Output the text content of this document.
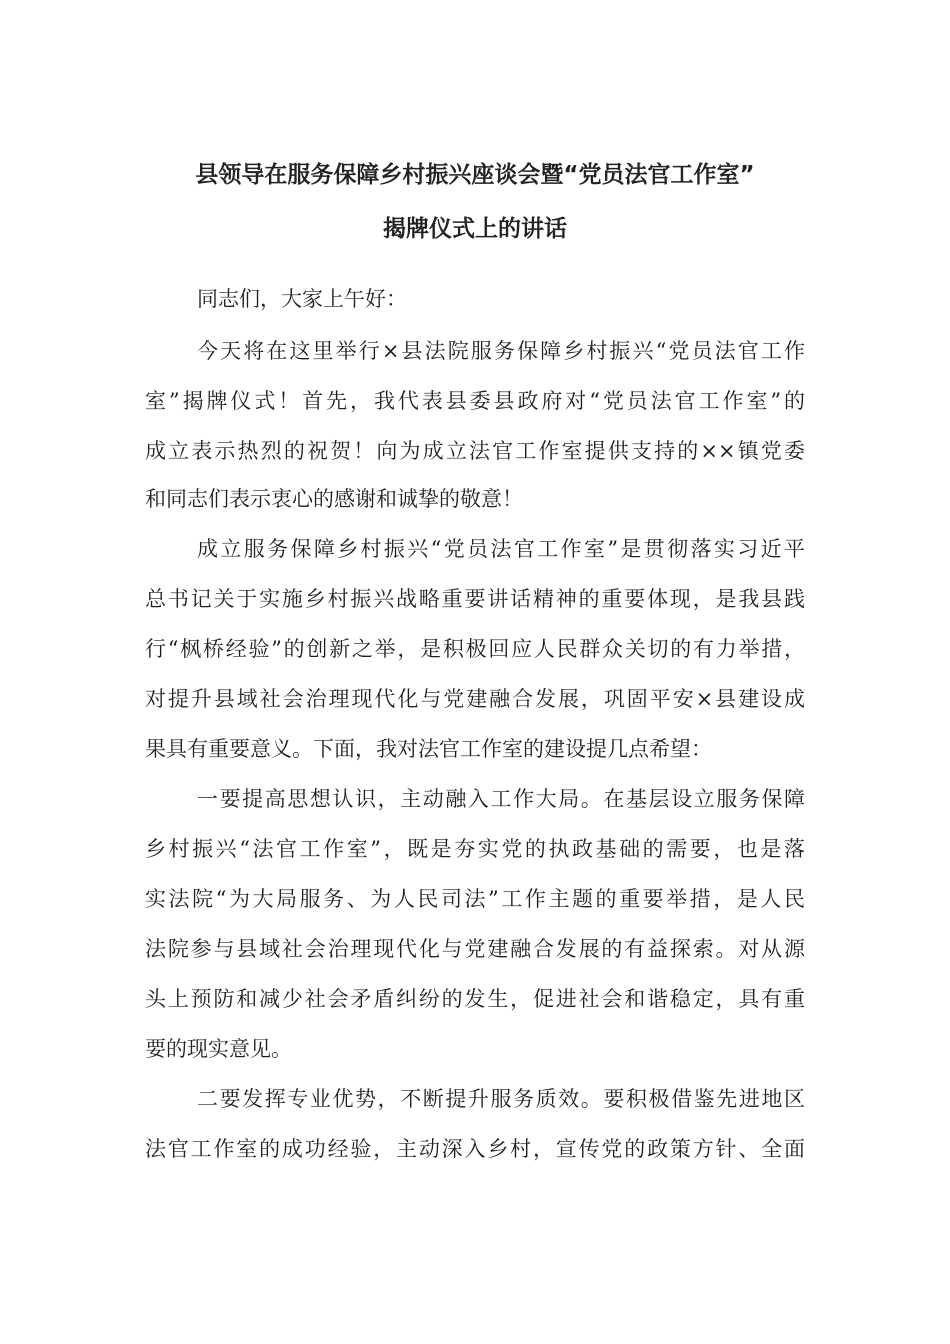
县领导在服务保障乡村振兴座谈会暨“党员法官工作室”
揭牌仪式上的讲话
同志们，大家上午好：
今天将在这里举行×县法院服务保障乡村振兴“党员法官工作
室”揭牌仪式！首先，我代表县委县政府对“党员法官工作室”的
成立表示热烈的祝贺！向为成立法官工作室提供支持的××镇党委
和同志们表示衷心的感谢和诚挚的敬意！
成立服务保障乡村振兴“党员法官工作室”是贯彻落实习近平
总书记关于实施乡村振兴战略重要讲话精神的重要体现，是我县践
行“枫桥经验”的创新之举，是积极回应人民群众关切的有力举措，
对提升县域社会治理现代化与党建融合发展，巩固平安×县建设成
果具有重要意义。下面，我对法官工作室的建设提几点希望：
一要提高思想认识，主动融入工作大局。在基层设立服务保障
乡村振兴“法官工作室”，既是夯实党的执政基础的需要，也是落
实法院“为大局服务、为人民司法”工作主题的重要举措，是人民
法院参与县域社会治理现代化与党建融合发展的有益探索。对从源
头上预防和减少社会矛盾纠纷的发生，促进社会和谐稳定，具有重
要的现实意见。
二要发挥专业优势，不断提升服务质效。要积极借鉴先进地区
法官工作室的成功经验，主动深入乡村，宣传党的政策方针、全面
